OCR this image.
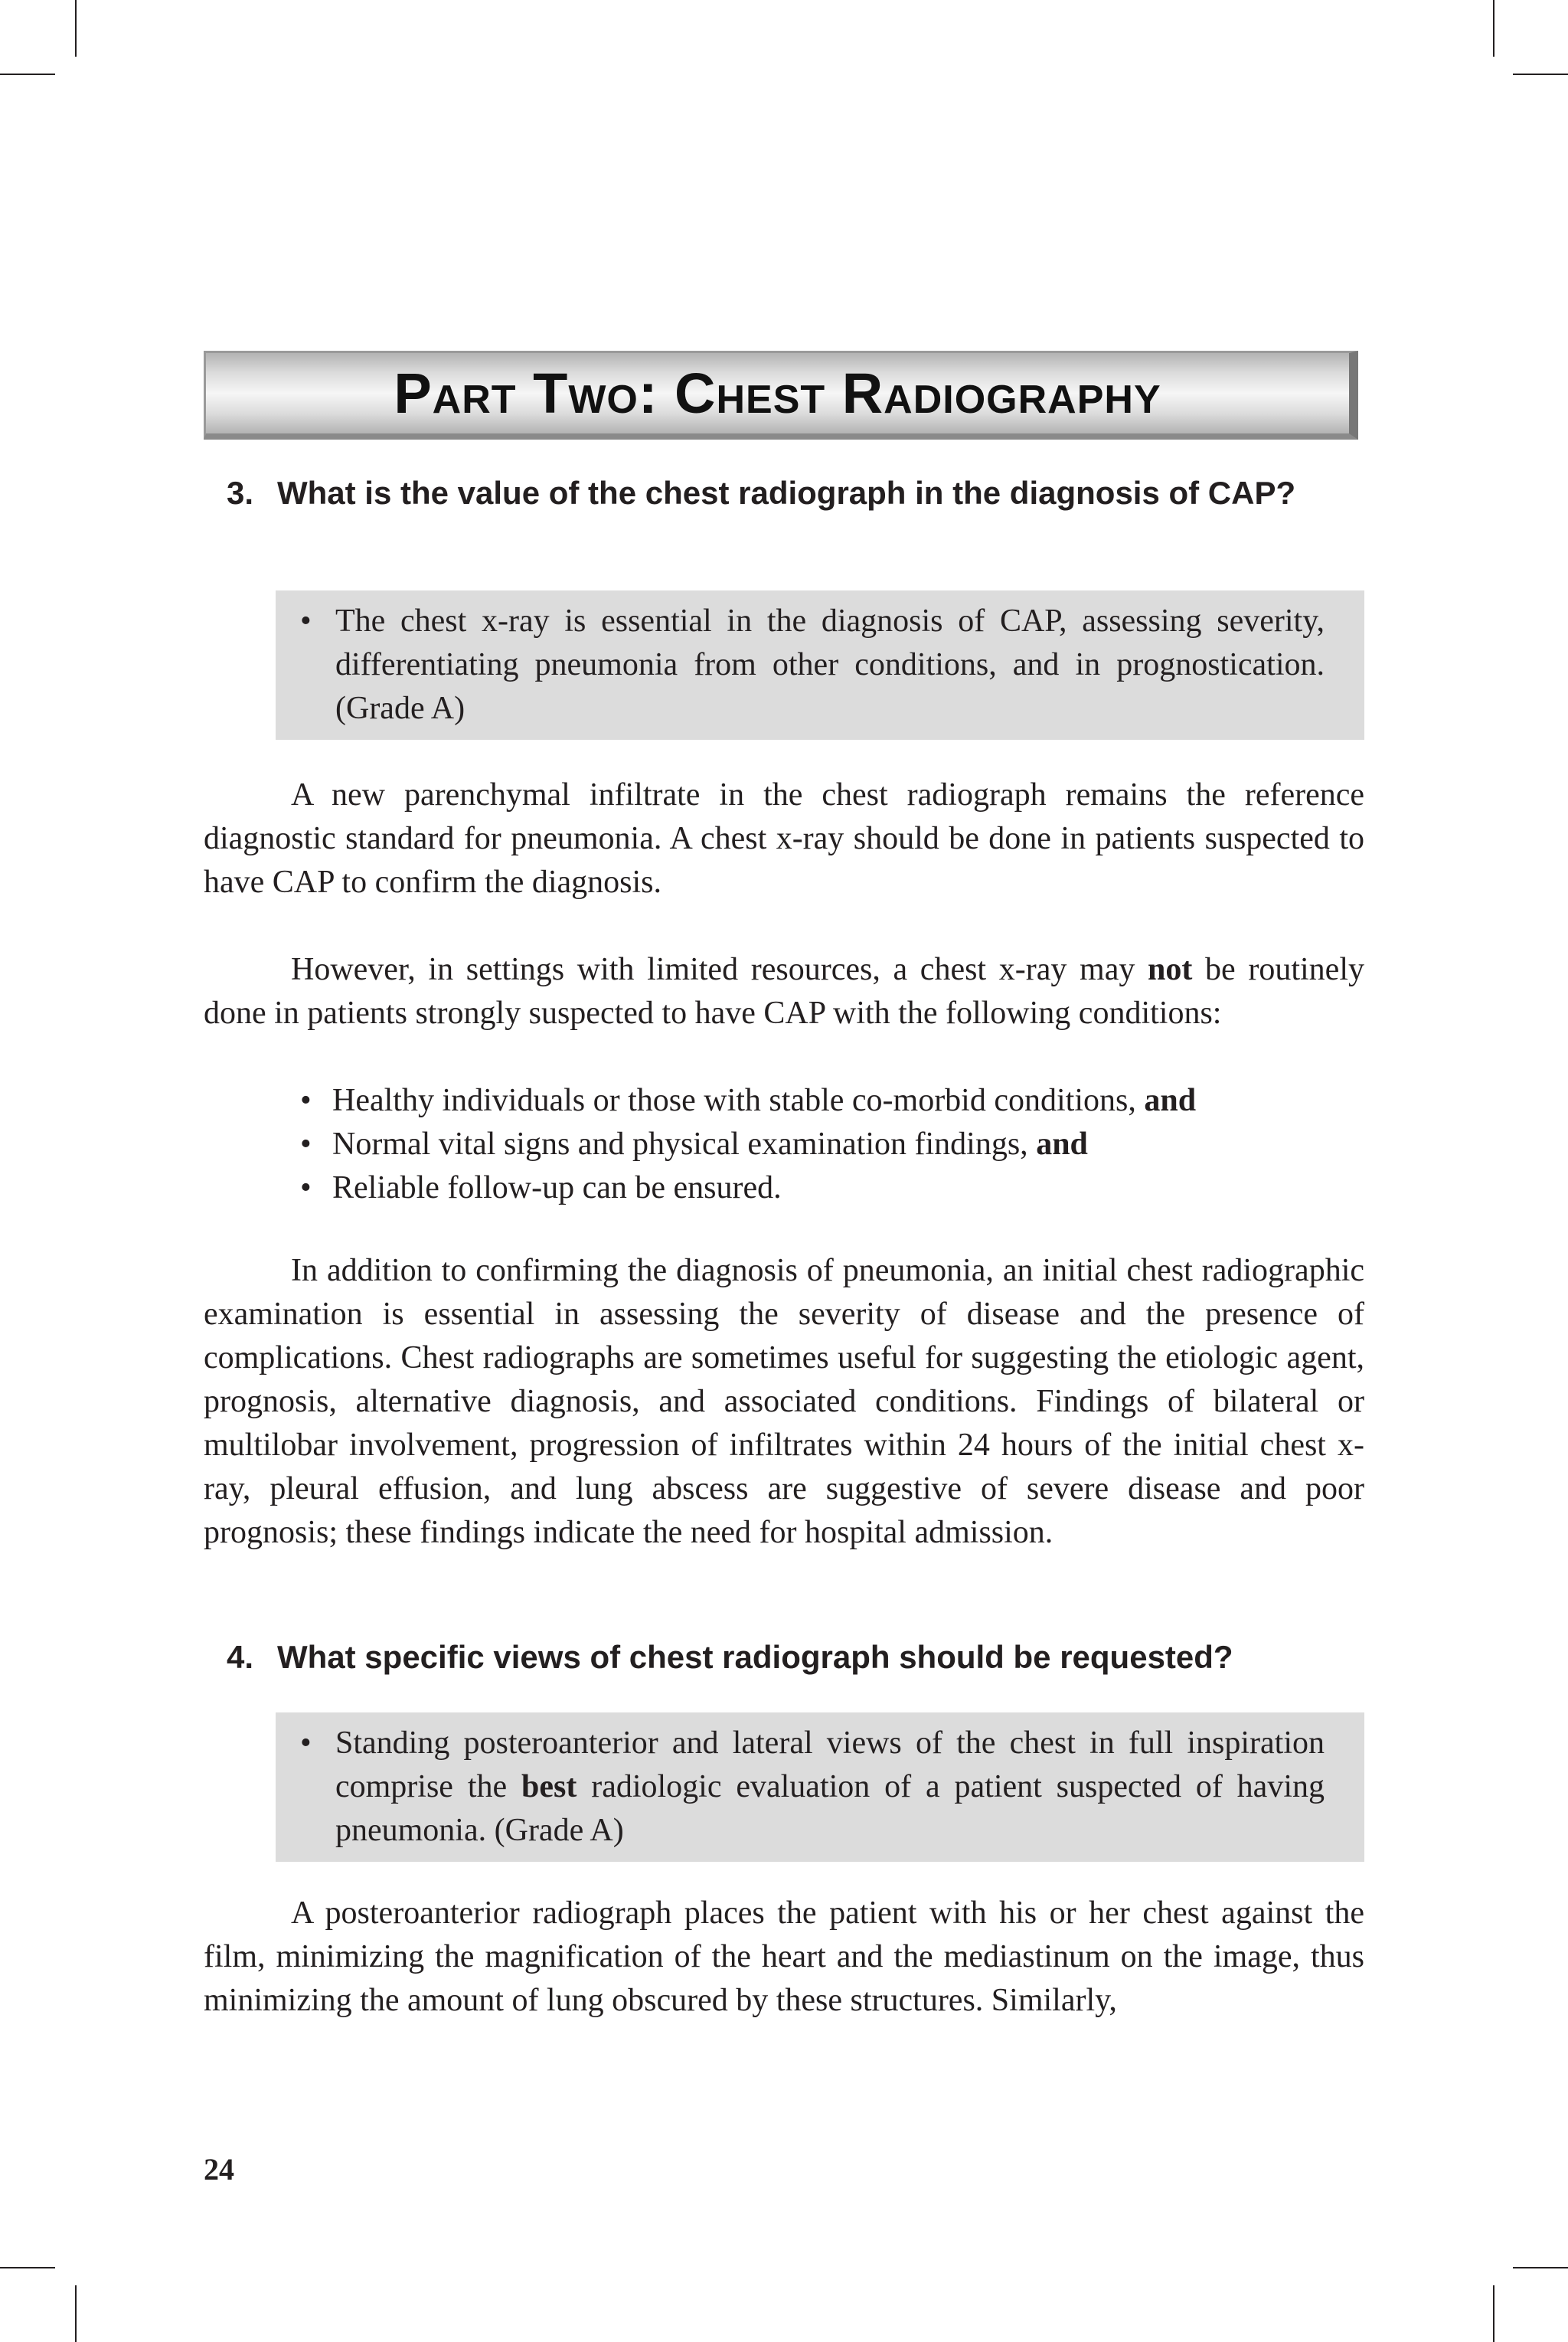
Part Two: Chest Radiography
3. What is the value of the chest radiograph in the diagnosis of CAP?
• The chest x-ray is essential in the diagnosis of CAP, assessing severity, differentiating pneumonia from other conditions, and in prognostication. (Grade A)

A new parenchymal infiltrate in the chest radiograph remains the reference diagnostic standard for pneumonia. A chest x-ray should be done in patients suspected to have CAP to confirm the diagnosis.

However, in settings with limited resources, a chest x-ray may not be routinely done in patients strongly suspected to have CAP with the following conditions:

• Healthy individuals or those with stable co-morbid conditions, and
• Normal vital signs and physical examination findings, and
• Reliable follow-up can be ensured.

In addition to confirming the diagnosis of pneumonia, an initial chest radiographic examination is essential in assessing the severity of disease and the presence of complications. Chest radiographs are sometimes useful for suggesting the etiologic agent, prognosis, alternative diagnosis, and associated conditions. Findings of bilateral or multilobar involvement, progression of infiltrates within 24 hours of the initial chest x-ray, pleural effusion, and lung abscess are suggestive of severe disease and poor prognosis; these findings indicate the need for hospital admission.

4. What specific views of chest radiograph should be requested?
• Standing posteroanterior and lateral views of the chest in full inspiration comprise the best radiologic evaluation of a patient suspected of having pneumonia. (Grade A)

A posteroanterior radiograph places the patient with his or her chest against the film, minimizing the magnification of the heart and the mediastinum on the image, thus minimizing the amount of lung obscured by these structures. Similarly,

24
